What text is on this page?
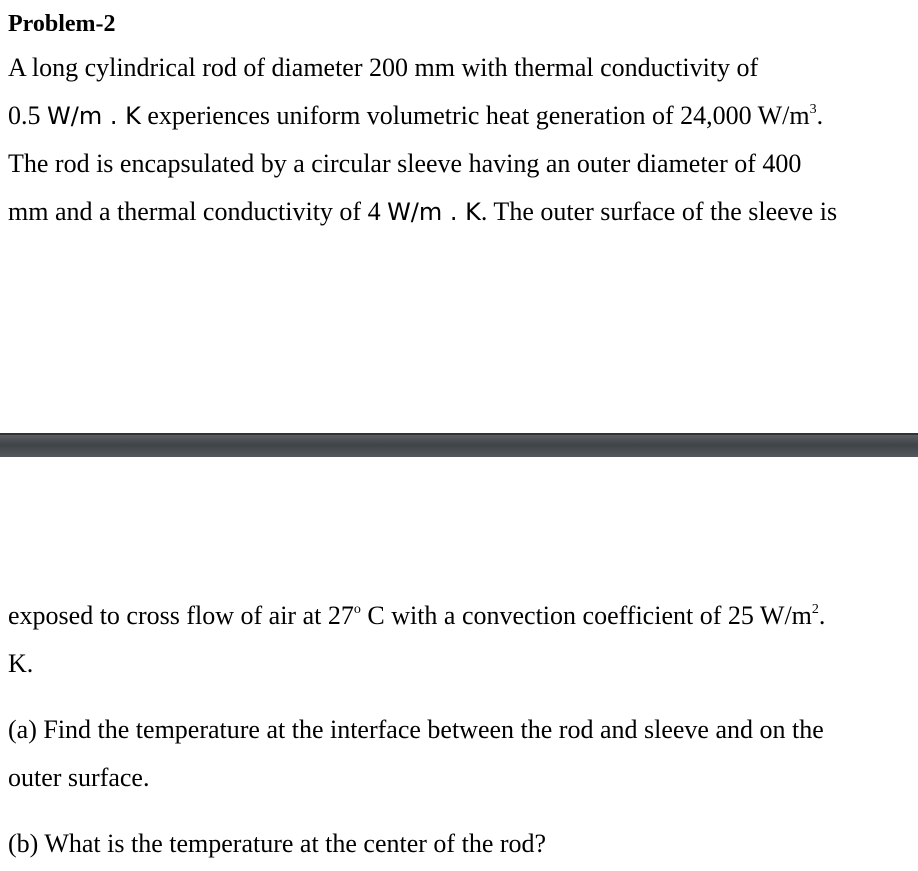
Problem-2
A long cylindrical rod of diameter 200 mm with thermal conductivity of
0.5 W/m . K experiences uniform volumetric heat generation of 24,000 $W/m^3$.
The rod is encapsulated by a circular sleeve having an outer diameter of 400
mm and a thermal conductivity of 4 W/m . K. The outer surface of the sleeve is
exposed to cross flow of air at 27$^o$ C with a convection coefficient of 25 $W/m^2$.
K.
(a) Find the temperature at the interface between the rod and sleeve and on the
outer surface.
(b) What is the temperature at the center of the rod?
